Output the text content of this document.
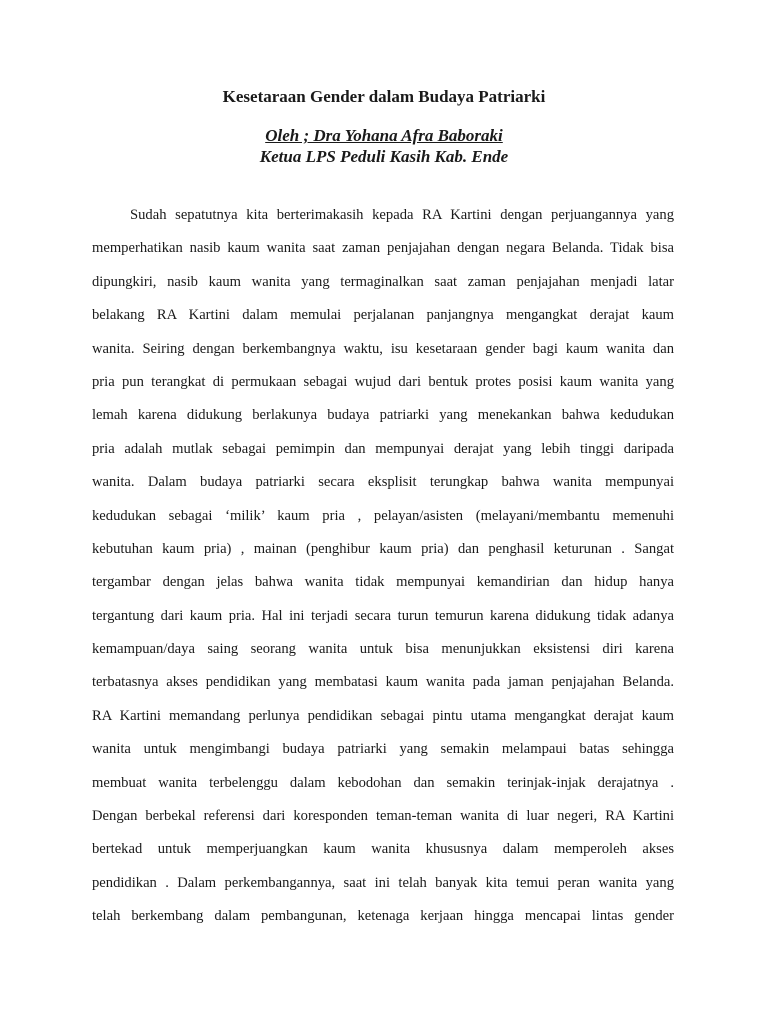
Kesetaraan Gender dalam Budaya Patriarki

Oleh ; Dra Yohana Afra Baboraki

Ketua LPS Peduli Kasih Kab. Ende

Sudah sepatutnya kita berterimakasih kepada RA Kartini dengan perjuangannya yang
memperhatikan nasib kaum wanita saat zaman penjajahan dengan negara Belanda. Tidak bisa
dipungkiri, nasib kaum wanita yang termaginalkan saat zaman penjajahan menjadi latar
belakang RA Kartini dalam memulai perjalanan panjangnya mengangkat derajat kaum
wanita. Seiring dengan berkembangnya waktu, isu kesetaraan gender bagi kaum wanita dan
pria pun terangkat di permukaan sebagai wujud dari bentuk protes posisi kaum wanita yang
lemah karena didukung berlakunya budaya patriarki yang menekankan bahwa kedudukan
pria adalah mutlak sebagai pemimpin dan mempunyai derajat yang lebih tinggi daripada
wanita. Dalam budaya patriarki secara eksplisit terungkap bahwa wanita mempunyai
kedudukan sebagai ‘milik’ kaum pria , pelayan/asisten (melayani/membantu memenuhi
kebutuhan kaum pria) , mainan (penghibur kaum pria) dan penghasil keturunan . Sangat
tergambar dengan jelas bahwa wanita tidak mempunyai kemandirian dan hidup hanya
tergantung dari kaum pria. Hal ini terjadi secara turun temurun karena didukung tidak adanya
kemampuan/daya saing seorang wanita untuk bisa menunjukkan eksistensi diri karena
terbatasnya akses pendidikan yang membatasi kaum wanita pada jaman penjajahan Belanda.
RA Kartini memandang perlunya pendidikan sebagai pintu utama mengangkat derajat kaum
wanita untuk mengimbangi budaya patriarki yang semakin melampaui batas sehingga
membuat wanita terbelenggu dalam kebodohan dan semakin terinjak-injak derajatnya .
Dengan berbekal referensi dari koresponden teman-teman wanita di luar negeri, RA Kartini
bertekad untuk memperjuangkan kaum wanita khususnya dalam memperoleh akses
pendidikan . Dalam perkembangannya, saat ini telah banyak kita temui peran wanita yang
telah berkembang dalam pembangunan, ketenaga kerjaan hingga mencapai lintas gender
